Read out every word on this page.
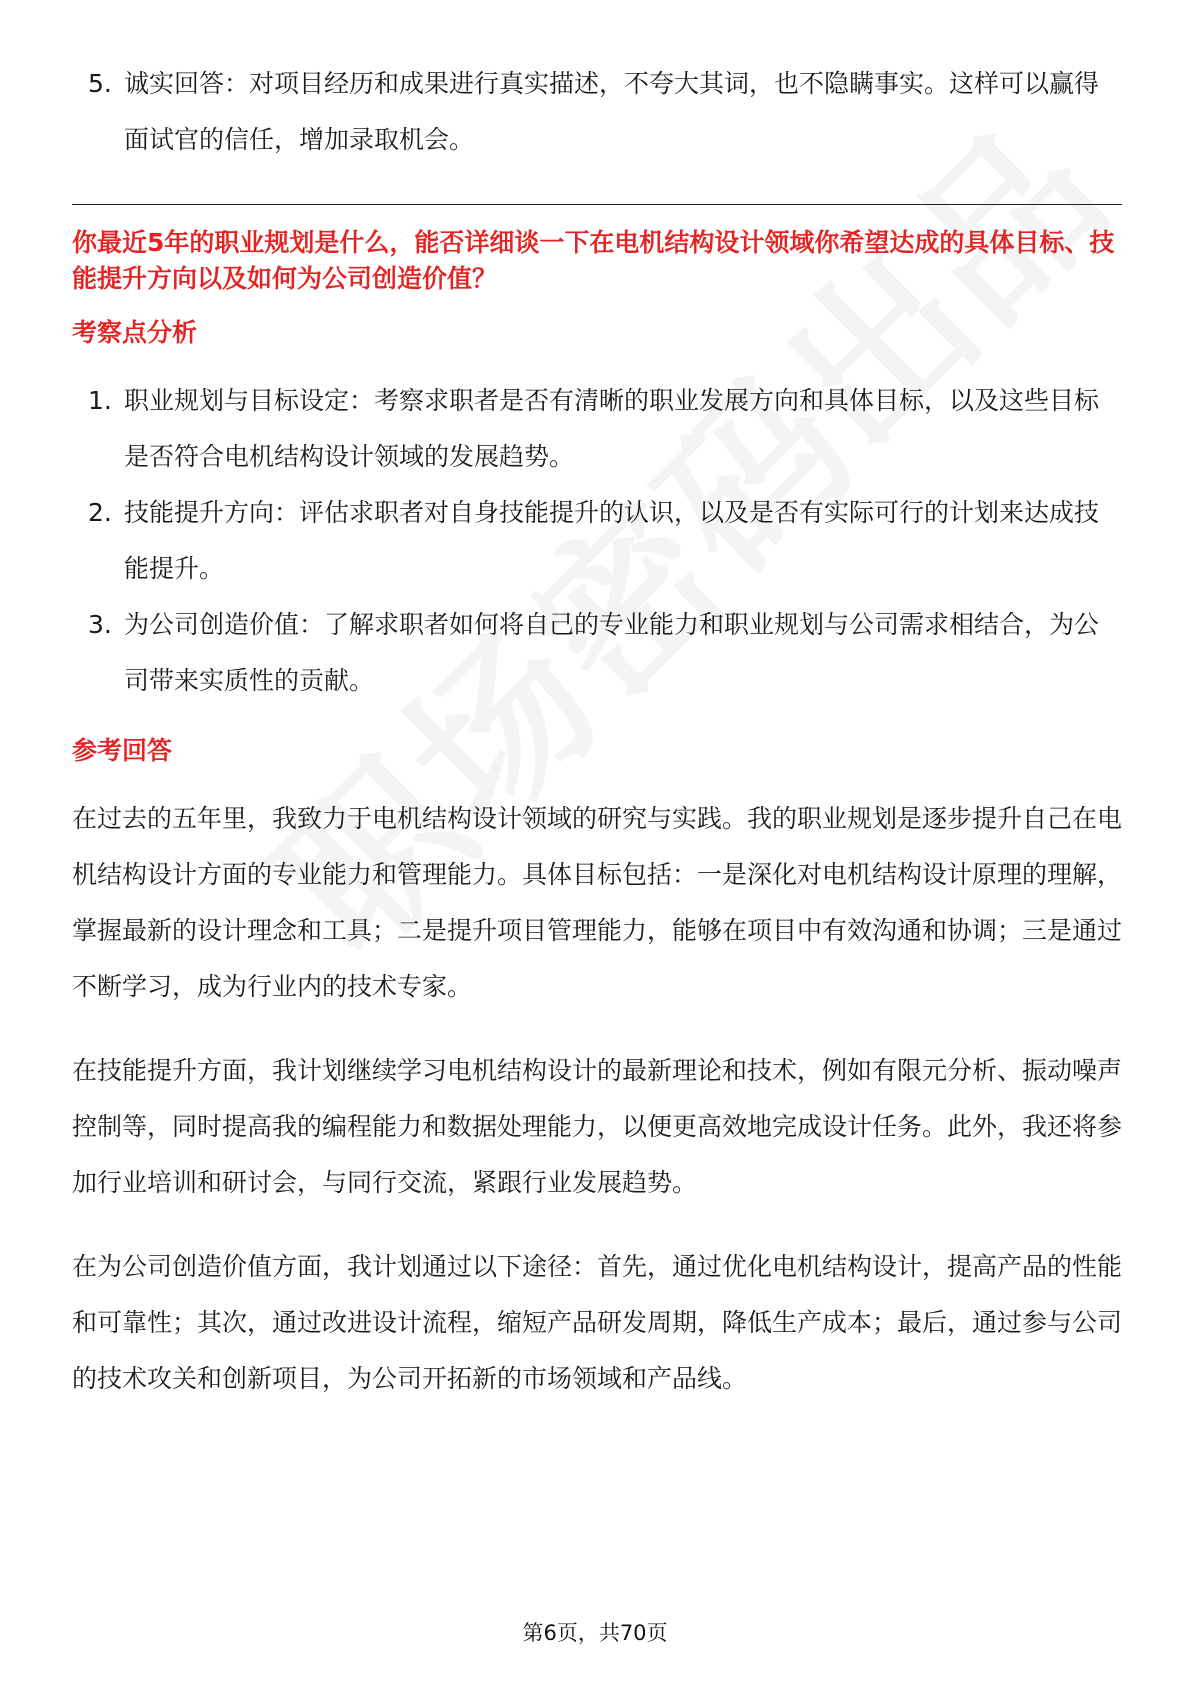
5. 诚实回答：对项目经历和成果进行真实描述，不夸大其词，也不隐瞒事实。这样可以赢得面试官的信任，增加录取机会。

你最近5年的职业规划是什么，能否详细谈一下在电机结构设计领域你希望达成的具体目标、技能提升方向以及如何为公司创造价值？

考察点分析
1. 职业规划与目标设定：考察求职者是否有清晰的职业发展方向和具体目标，以及这些目标是否符合电机结构设计领域的发展趋势。
2. 技能提升方向：评估求职者对自身技能提升的认识，以及是否有实际可行的计划来达成技能提升。
3. 为公司创造价值：了解求职者如何将自己的专业能力和职业规划与公司需求相结合，为公司带来实质性的贡献。
参考回答

在过去的五年里，我致力于电机结构设计领域的研究与实践。我的职业规划是逐步提升自己在电机结构设计方面的专业能力和管理能力。具体目标包括：一是深化对电机结构设计原理的理解，掌握最新的设计理念和工具；二是提升项目管理能力，能够在项目中有效沟通和协调；三是通过不断学习，成为行业内的技术专家。

在技能提升方面，我计划继续学习电机结构设计的最新理论和技术，例如有限元分析、振动噪声控制等，同时提高我的编程能力和数据处理能力，以便更高效地完成设计任务。此外，我还将参加行业培训和研讨会，与同行交流，紧跟行业发展趋势。

在为公司创造价值方面，我计划通过以下途径：首先，通过优化电机结构设计，提高产品的性能和可靠性；其次，通过改进设计流程，缩短产品研发周期，降低生产成本；最后，通过参与公司的技术攻关和创新项目，为公司开拓新的市场领域和产品线。

第6页，共70页
